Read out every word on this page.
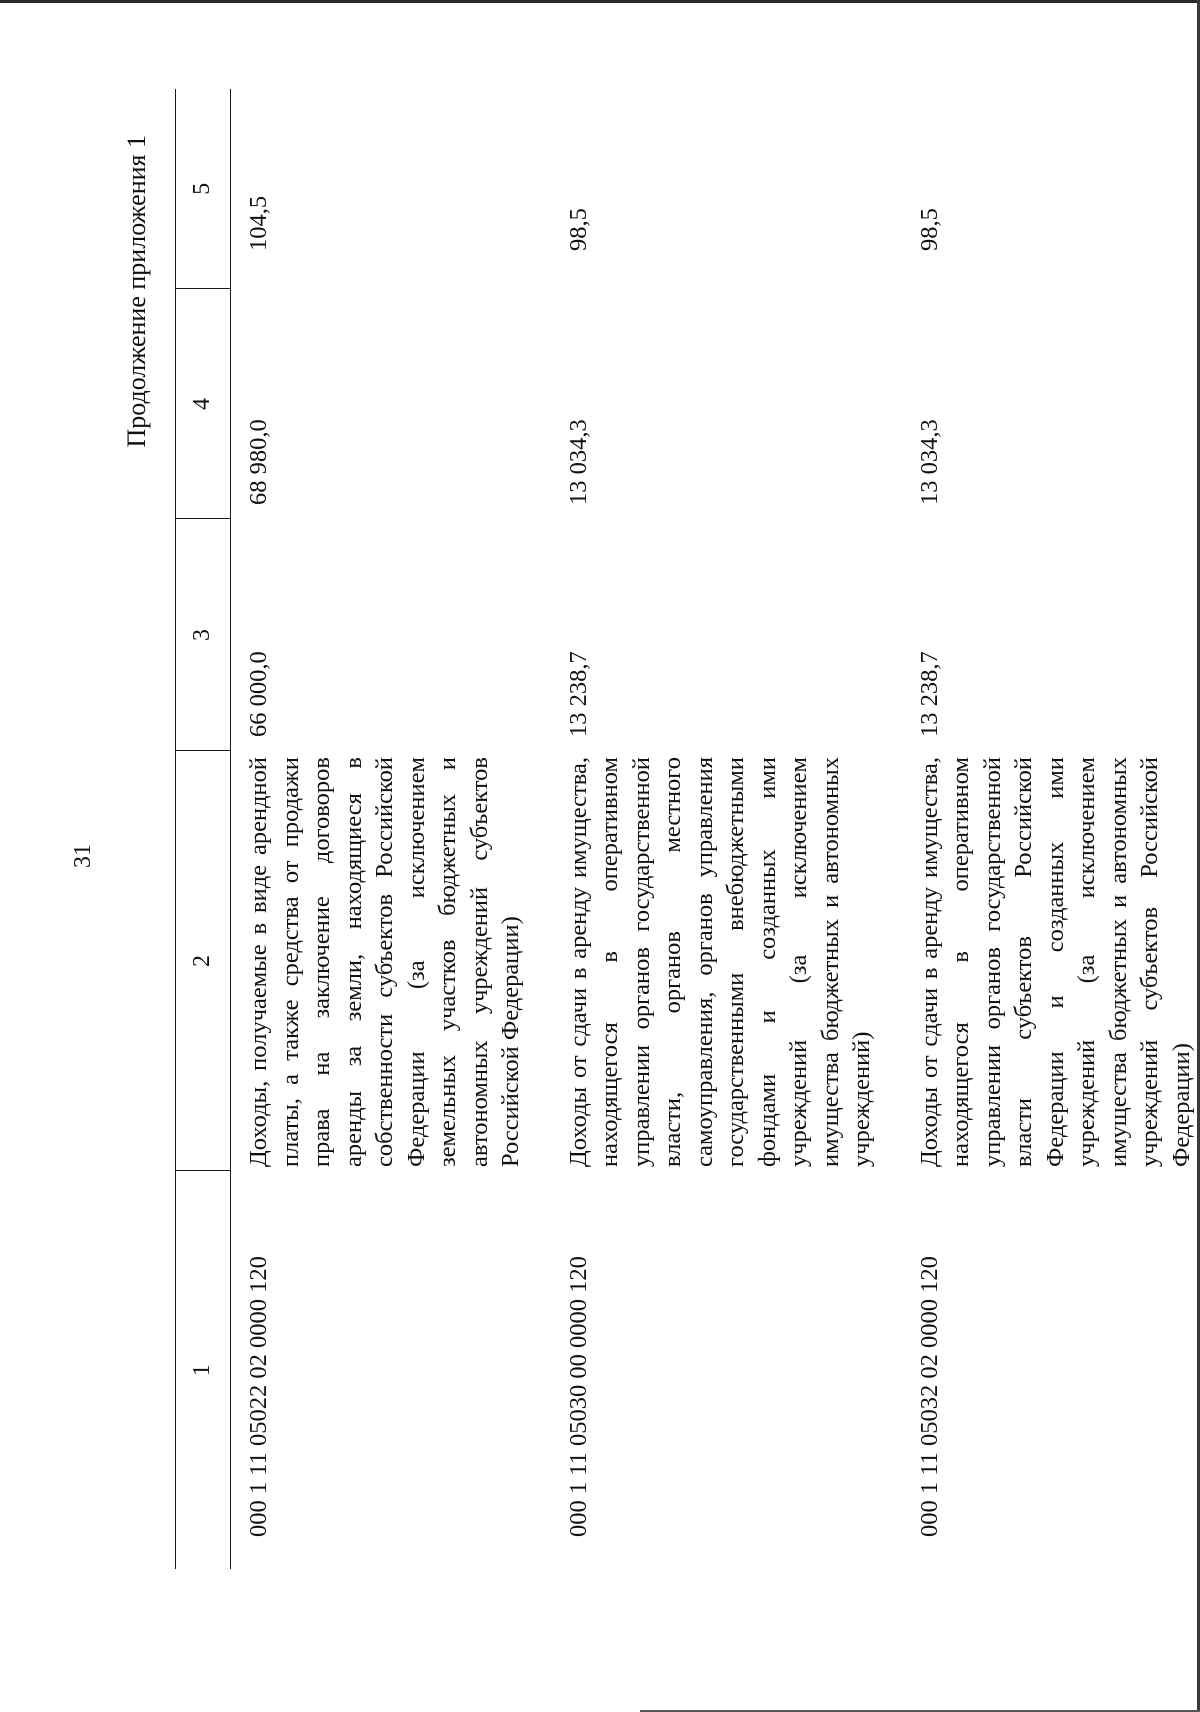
31
Продолжение приложения 1
1	2	3	4	5
000 1 11 05022 02 0000 120	Доходы, получаемые в виде арендной платы, а также средства от продажи права на заключение договоров аренды за земли, находящиеся в собственности субъектов Российской Федерации (за исключением земельных участков бюджетных и автономных учреждений субъектов Российской Федерации)	66 000,0	68 980,0	104,5

000 1 11 05030 00 0000 120	Доходы от сдачи в аренду имущества, находящегося в оперативном управлении органов государственной власти, органов местного самоуправления, органов управления государственными внебюджетными фондами и созданных ими учреждений (за исключением имущества бюджетных и автономных учреждений)	13 238,7	13 034,3	98,5

000 1 11 05032 02 0000 120	Доходы от сдачи в аренду имущества, находящегося в оперативном управлении органов государственной власти субъектов Российской Федерации и созданных ими учреждений (за исключением имущества бюджетных и автономных учреждений субъектов Российской Федерации)	13 238,7	13 034,3	98,5
